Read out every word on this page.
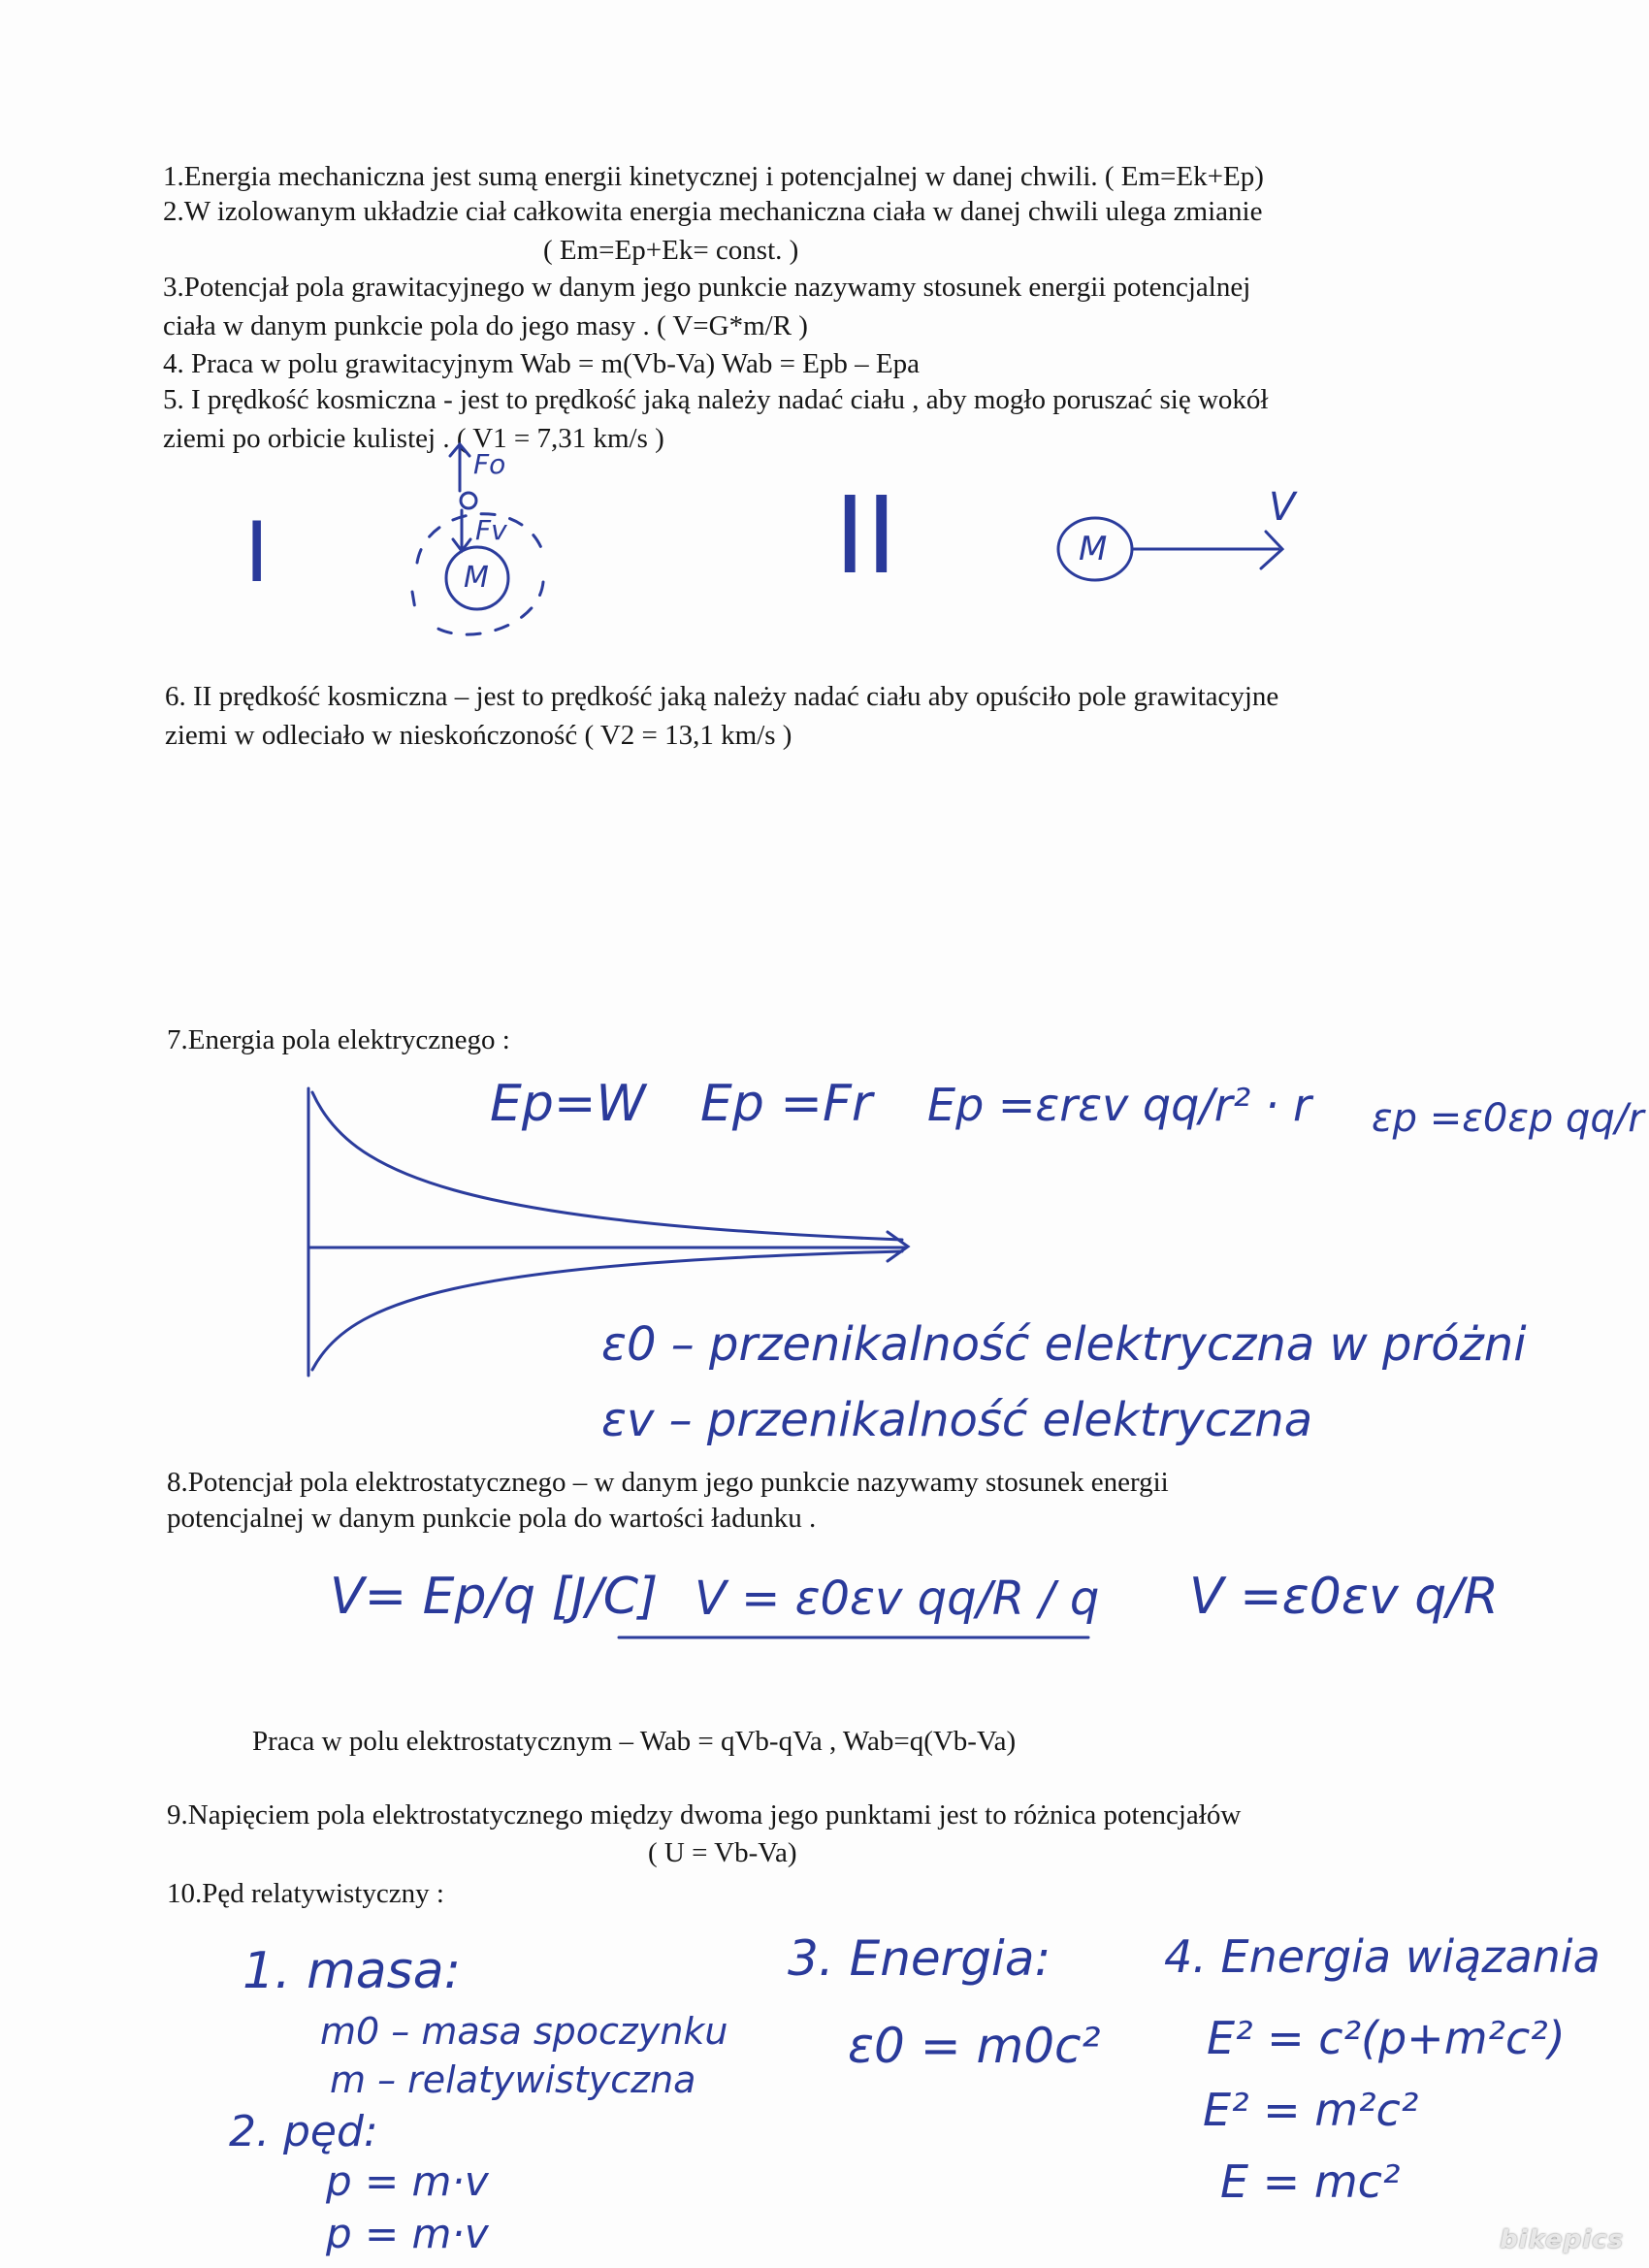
1.Energia mechaniczna jest sumą energii kinetycznej i potencjalnej w danej chwili. ( Em=Ek+Ep)
2.W izolowanym układzie ciał całkowita energia mechaniczna ciała w danej chwili ulega zmianie
( Em=Ep+Ek= const. )
3.Potencjał pola grawitacyjnego w danym jego punkcie nazywamy stosunek energii potencjalnej
ciała w danym punkcie pola do jego masy . ( V=G*m/R )
4. Praca w polu grawitacyjnym Wab = m(Vb-Va) Wab = Epb – Epa
5. I prędkość kosmiczna - jest to prędkość jaką należy nadać ciału , aby mogło poruszać się wokół
ziemi po orbicie kulistej . ( V1 = 7,31 km/s )
6. II prędkość kosmiczna – jest to prędkość jaką należy nadać ciału aby opuściło pole grawitacyjne
ziemi w odleciało w nieskończoność ( V2 = 13,1 km/s )
7.Energia pola elektrycznego :
8.Potencjał pola elektrostatycznego – w danym jego punkcie nazywamy stosunek energii
potencjalnej w danym punkcie pola do wartości ładunku .
Praca w polu elektrostatycznym – Wab = qVb-qVa , Wab=q(Vb-Va)
9.Napięciem pola elektrostatycznego między dwoma jego punktami jest to różnica potencjałów
( U = Vb-Va)
10.Pęd relatywistyczny :
I	II
Fo
Fv
M
M
V
Ep=W Ep =Fr Ep =εrεv qq/r² · r εp =ε0εp qq/r
ε0 – przenikalność elektryczna w próżni
εv – przenikalność elektryczna
V= Ep/q [J/C] V = ε0εv qq/R / q V =ε0εv q/R
1. masa:
m0 – masa spoczynku
m – relatywistyczna
2. pęd:
p = m·v
p = m·v
3. Energia:
ε0 = m0c²
4. Energia wiązania
E² = c²(p+m²c²)
E² = m²c²
E = mc²
bikepics
